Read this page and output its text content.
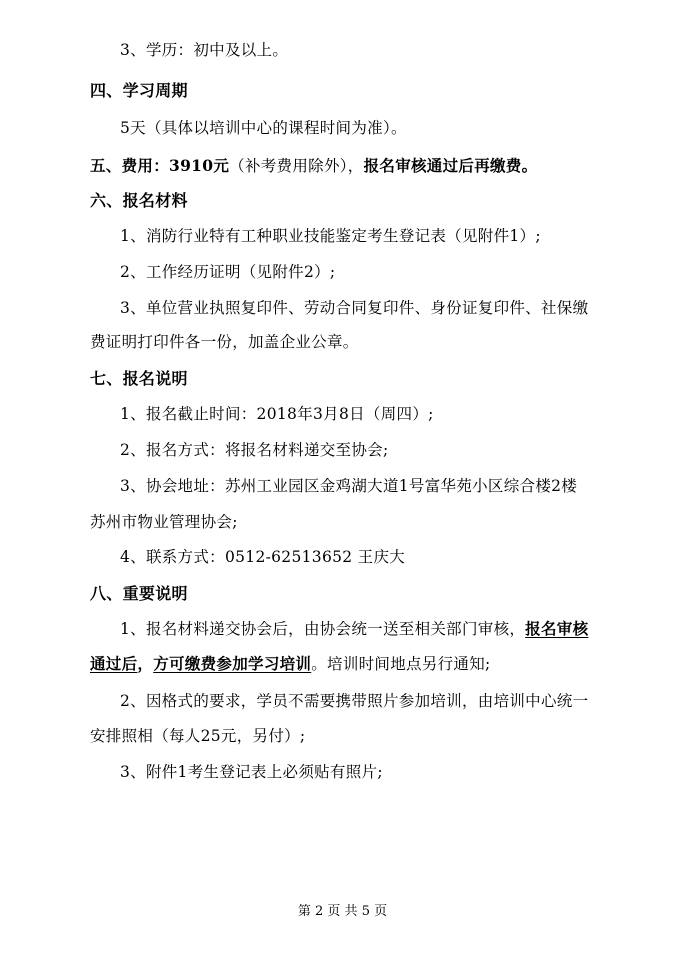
3、学历：初中及以上。
四、学习周期
5天（具体以培训中心的课程时间为准）。
五、费用：3910元（补考费用除外），报名审核通过后再缴费。
六、报名材料
1、消防行业特有工种职业技能鉴定考生登记表（见附件1）;
2、工作经历证明（见附件2）;
3、单位营业执照复印件、劳动合同复印件、身份证复印件、社保缴
费证明打印件各一份，加盖企业公章。
七、报名说明
1、报名截止时间：2018年3月8日（周四）;
2、报名方式：将报名材料递交至协会;
3、协会地址：苏州工业园区金鸡湖大道1号富华苑小区综合楼2楼
苏州市物业管理协会;
4、联系方式：0512-62513652 王庆大
八、重要说明
1、报名材料递交协会后，由协会统一送至相关部门审核，报名审核
通过后，方可缴费参加学习培训。培训时间地点另行通知;
2、因格式的要求，学员不需要携带照片参加培训，由培训中心统一
安排照相（每人25元，另付）;
3、附件1考生登记表上必须贴有照片;
第 2 页 共 5 页
